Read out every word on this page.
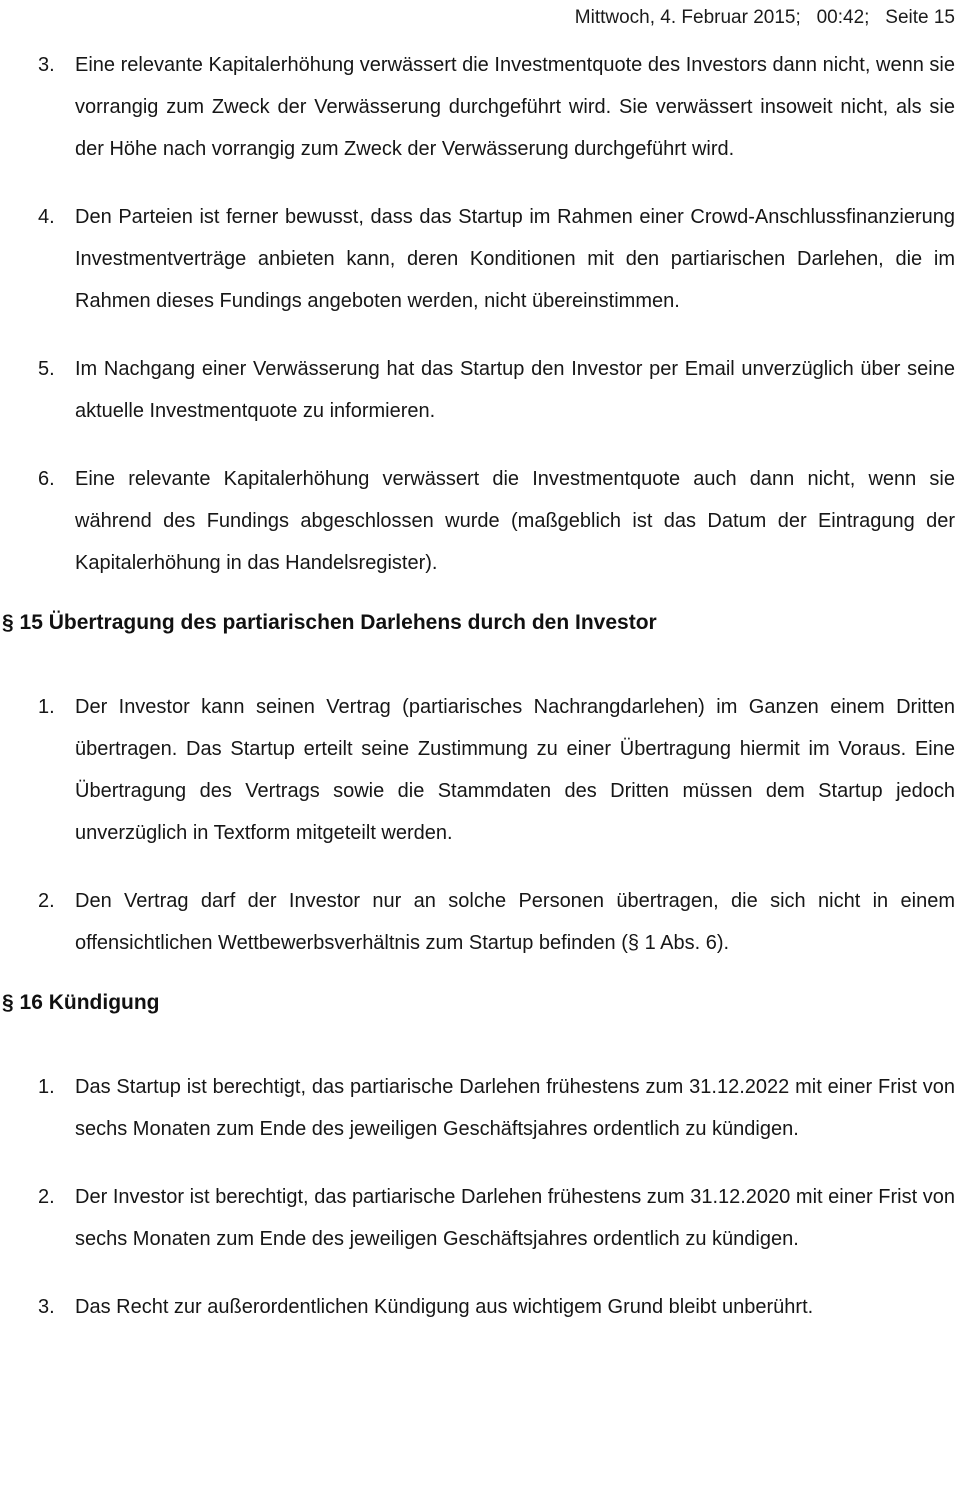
Mittwoch, 4. Februar 2015;   00:42;   Seite 15
3.	Eine relevante Kapitalerhöhung verwässert die Investmentquote des Investors dann nicht, wenn sie vorrangig zum Zweck der Verwässerung durchgeführt wird. Sie verwässert insoweit nicht, als sie der Höhe nach vorrangig zum Zweck der Verwässerung durchgeführt wird.
4.	Den Parteien ist ferner bewusst, dass das Startup im Rahmen einer Crowd-Anschlussfinanzierung Investmentverträge anbieten kann, deren Konditionen mit den partiarischen Darlehen, die im Rahmen dieses Fundings angeboten werden, nicht übereinstimmen.
5.	Im Nachgang einer Verwässerung hat das Startup den Investor per Email unverzüglich über seine aktuelle Investmentquote zu informieren.
6.	Eine relevante Kapitalerhöhung verwässert die Investmentquote auch dann nicht, wenn sie während des Fundings abgeschlossen wurde (maßgeblich ist das Datum der Eintragung der Kapitalerhöhung in das Handelsregister).
§ 15 Übertragung des partiarischen Darlehens durch den Investor
1.	Der Investor kann seinen Vertrag (partiarisches Nachrangdarlehen) im Ganzen einem Dritten übertragen. Das Startup erteilt seine Zustimmung zu einer Übertragung hiermit im Voraus. Eine Übertragung des Vertrags sowie die Stammdaten des Dritten müssen dem Startup jedoch unverzüglich in Textform mitgeteilt werden.
2.	Den Vertrag darf der Investor nur an solche Personen übertragen, die sich nicht in einem offensichtlichen Wettbewerbsverhältnis zum Startup befinden (§ 1 Abs. 6).
§ 16 Kündigung
1.	Das Startup ist berechtigt, das partiarische Darlehen frühestens zum 31.12.2022 mit einer Frist von sechs Monaten zum Ende des jeweiligen Geschäftsjahres ordentlich zu kündigen.
2.	Der Investor ist berechtigt, das partiarische Darlehen frühestens zum 31.12.2020 mit einer Frist von sechs Monaten zum Ende des jeweiligen Geschäftsjahres ordentlich zu kündigen.
3.	Das Recht zur außerordentlichen Kündigung aus wichtigem Grund bleibt unberührt.
